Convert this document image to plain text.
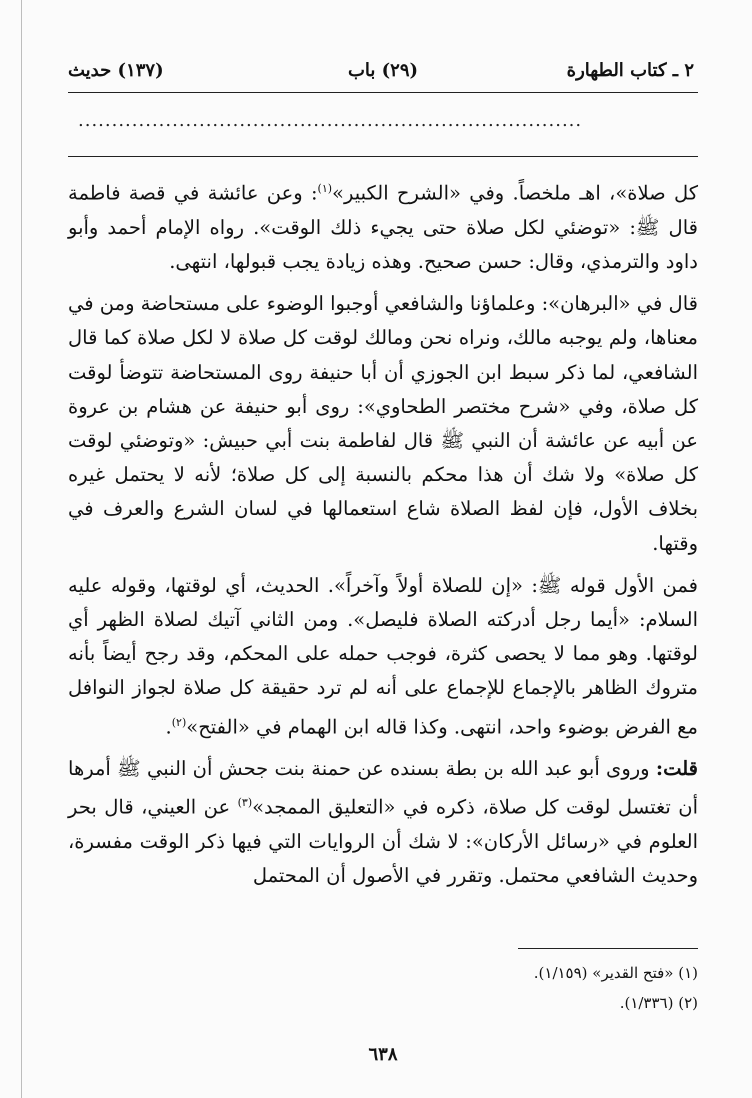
٢ ـ كتاب الطهارة
(٢٩) باب
(١٣٧) حديث
...........................................................................

كل صلاة»، اهـ ملخصاً. وفي «الشرح الكبير»$^{(١)}$: وعن عائشة في قصة فاطمة قال ﷺ: «توضئي لكل صلاة حتى يجيء ذلك الوقت». رواه الإمام أحمد وأبو داود والترمذي، وقال: حسن صحيح. وهذه زيادة يجب قبولها، انتهى.

قال في «البرهان»: وعلماؤنا والشافعي أوجبوا الوضوء على مستحاضة ومن في معناها، ولم يوجبه مالك، ونراه نحن ومالك لوقت كل صلاة لا لكل صلاة كما قال الشافعي، لما ذكر سبط ابن الجوزي أن أبا حنيفة روى المستحاضة تتوضأ لوقت كل صلاة، وفي «شرح مختصر الطحاوي»: روى أبو حنيفة عن هشام بن عروة عن أبيه عن عائشة أن النبي ﷺ قال لفاطمة بنت أبي حبيش: «وتوضئي لوقت كل صلاة» ولا شك أن هذا محكم بالنسبة إلى كل صلاة؛ لأنه لا يحتمل غيره بخلاف الأول، فإن لفظ الصلاة شاع استعمالها في لسان الشرع والعرف في وقتها.

فمن الأول قوله ﷺ: «إن للصلاة أولاً وآخراً». الحديث، أي لوقتها، وقوله عليه السلام: «أيما رجل أدركته الصلاة فليصل». ومن الثاني آتيك لصلاة الظهر أي لوقتها. وهو مما لا يحصى كثرة، فوجب حمله على المحكم، وقد رجح أيضاً بأنه متروك الظاهر بالإجماع للإجماع على أنه لم ترد حقيقة كل صلاة لجواز النوافل مع الفرض بوضوء واحد، انتهى. وكذا قاله ابن الهمام في «الفتح»$^{(٢)}$.

قلت: وروى أبو عبد الله بن بطة بسنده عن حمنة بنت جحش أن النبي ﷺ أمرها أن تغتسل لوقت كل صلاة، ذكره في «التعليق الممجد»$^{(٣)}$ عن العيني، قال بحر العلوم في «رسائل الأركان»: لا شك أن الروايات التي فيها ذكر الوقت مفسرة، وحديث الشافعي محتمل. وتقرر في الأصول أن المحتمل

(١) «فتح القدير» (١/١٥٩).
(٢) (١/٣٣٦).
٦٣٨
